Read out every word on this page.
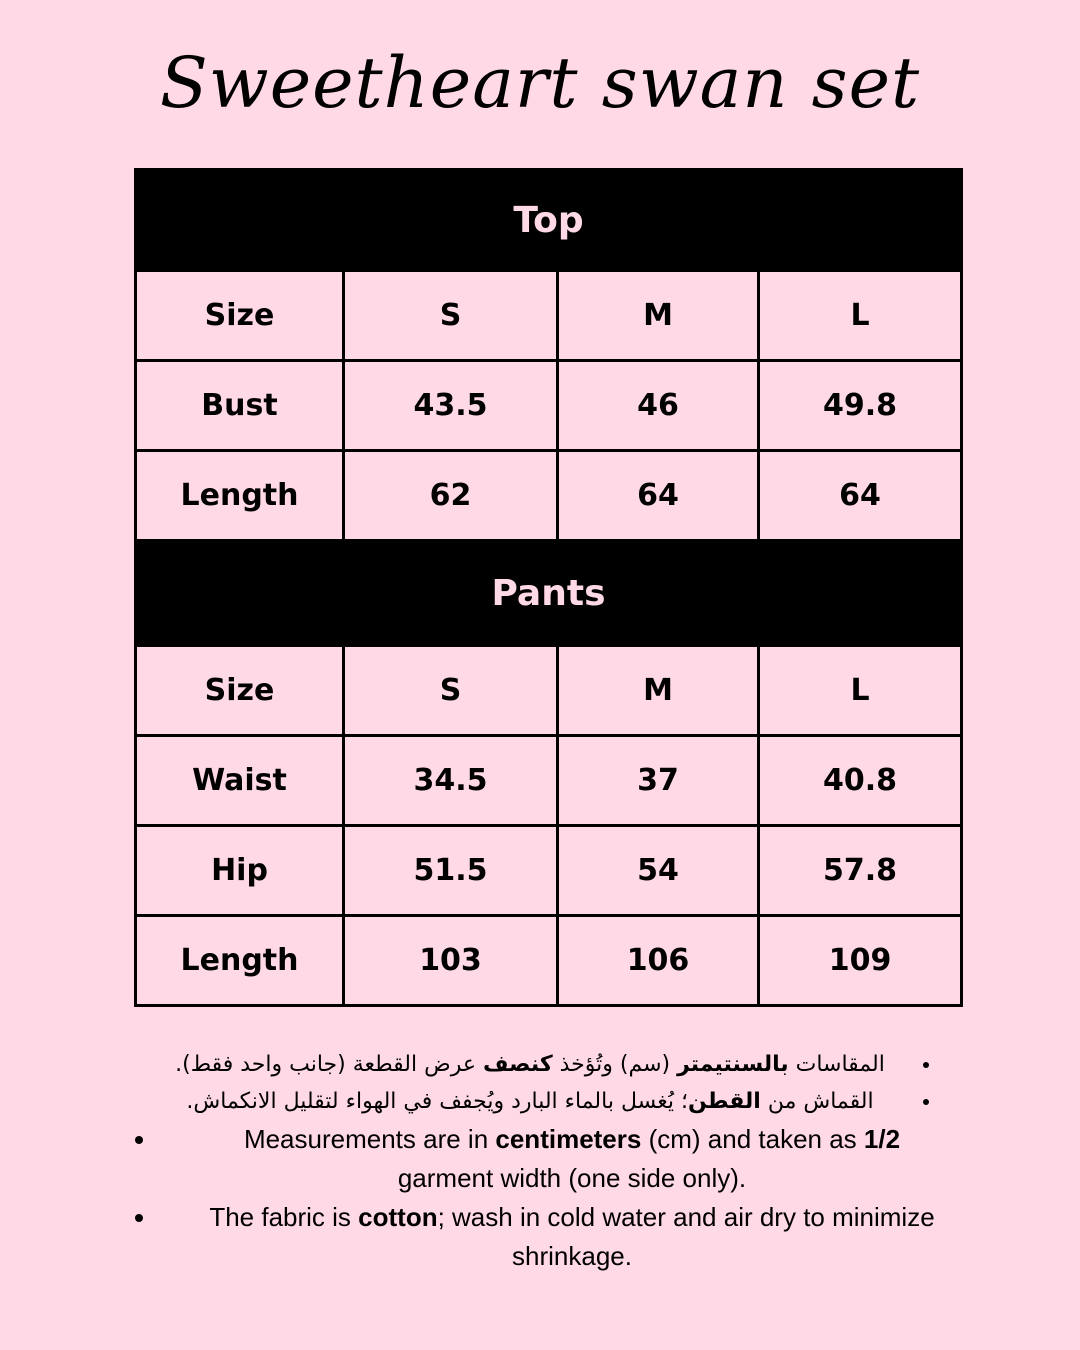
Sweetheart swan set
Top			
Size	S	M	L
Bust	43.5	46	49.8
Length	62	64	64
Pants			
Size	S	M	L
Waist	34.5	37	40.8
Hip	51.5	54	57.8
Length	103	106	109
• المقاسات بالسنتيمتر (سم) وتُؤخذ كنصف عرض القطعة (جانب واحد فقط).
• القماش من القطن؛ يُغسل بالماء البارد ويُجفف في الهواء لتقليل الانكماش.
• Measurements are in centimeters (cm) and taken as 1/2 garment width (one side only).
• The fabric is cotton; wash in cold water and air dry to minimize shrinkage.
